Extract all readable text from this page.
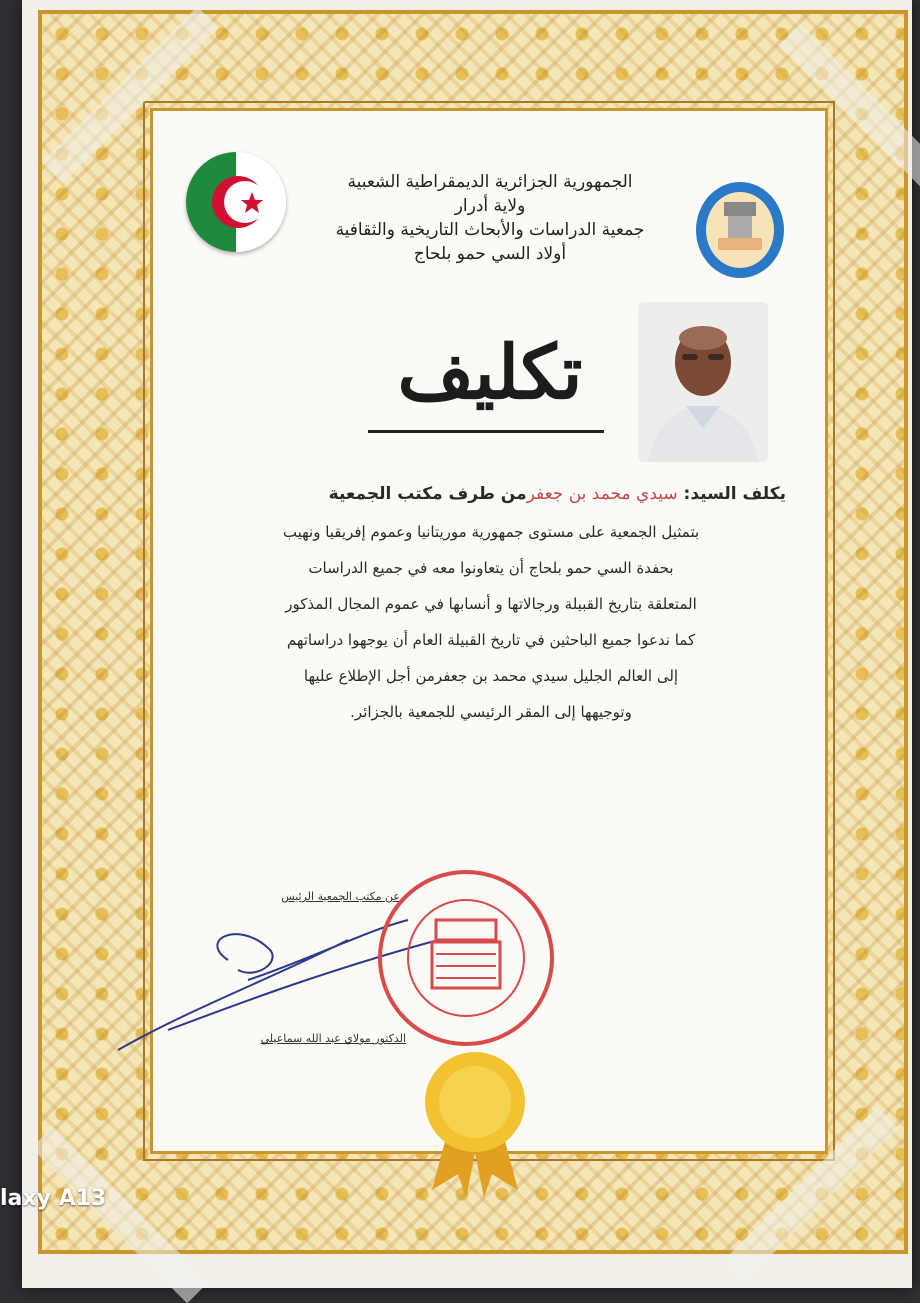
الجمهورية الجزائرية الديمقراطية الشعبية
ولاية أدرار
جمعية الدراسات والأبحاث التاريخية والثقافية
أولاد السي حمو بلحاج
تكليف
يكلف السيد: سيدي محمد بن جعفرمن طرف مكتب الجمعية
بتمثيل الجمعية على مستوى جمهورية موريتانيا وعموم إفريقيا ونهيب
بحفدة السي حمو بلحاج أن يتعاونوا معه في جميع الدراسات
المتعلقة بتاريخ القبيلة ورجالاتها و أنسابها في عموم المجال المذكور
كما ندعوا جميع الباحثين في تاريخ القبيلة العام أن يوجهوا دراساتهم
إلى العالم الجليل سيدي محمد بن جعفرمن أجل الإطلاع عليها
وتوجيهها إلى المقر الرئيسي للجمعية بالجزائر.
عن مكتب الجمعية الرئيس
الدكتور مولاي عبد الله سماعيلي
laxy A13
